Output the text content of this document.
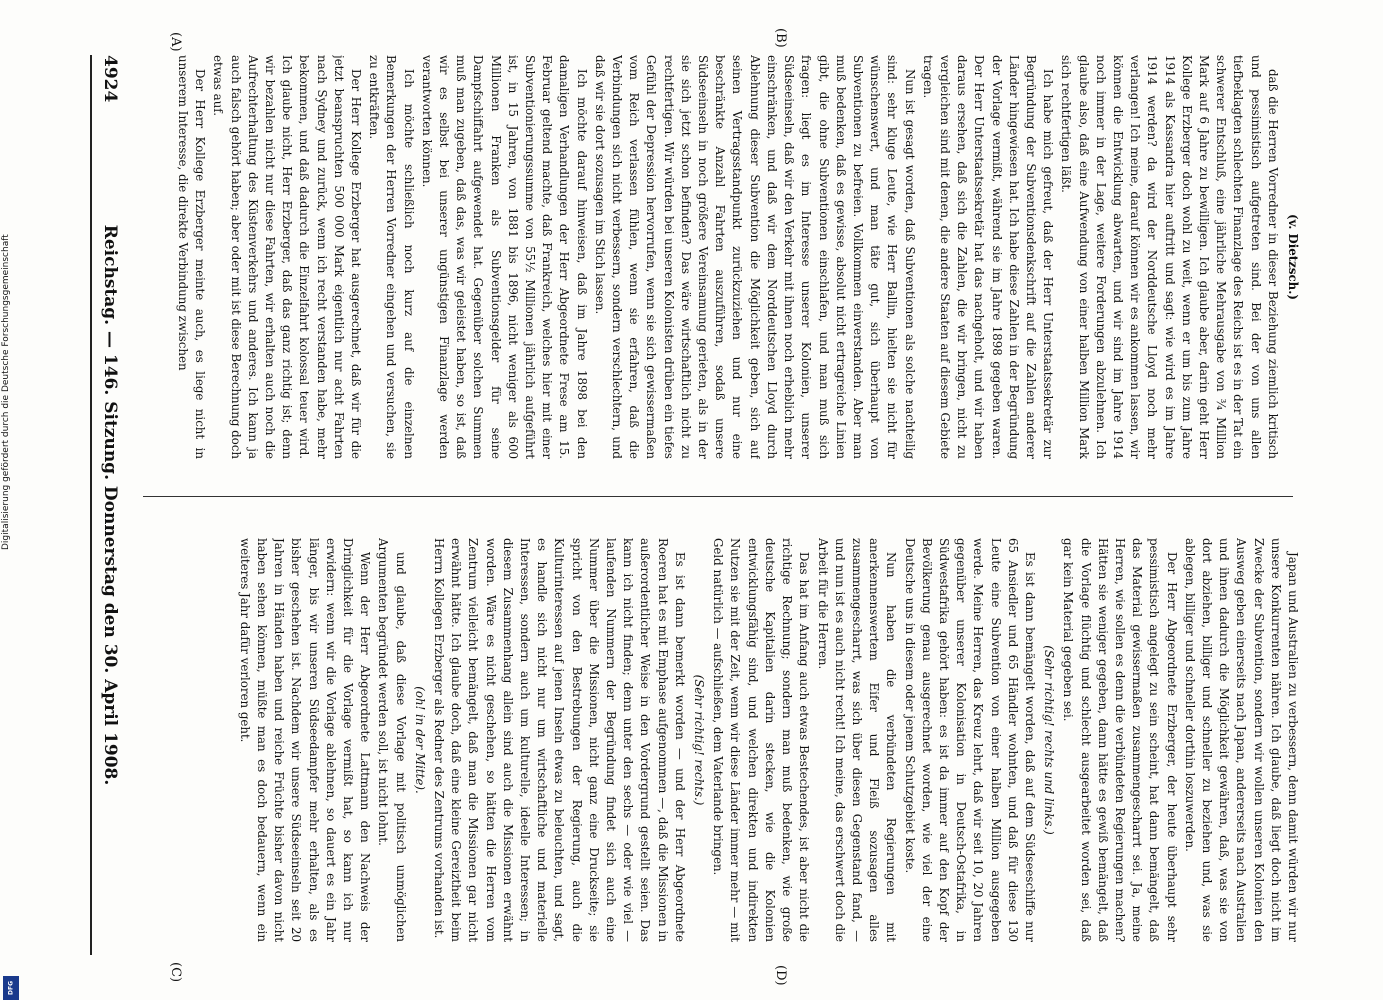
4924
Reichstag. — 146. Sitzung. Donnerstag den 30. April 1908.
(A)	(B)
(C)	(D)

(v. Dietzsch.)

daß die Herren Vorredner in dieser Beziehung ziemlich kritisch und pessimistisch aufgetreten sind. Bei der von uns allen tiefbeklagten schlechten Finanzlage des Reichs ist es in der Tat ein schwerer Entschluß, eine jährliche Mehrausgabe von ¾ Million Mark auf 6 Jahre zu bewilligen. Ich glaube aber, darin geht Herr Kollege Erzberger doch wohl zu weit, wenn er um bis zum Jahre 1914 als Kassandra hier auftritt und sagt: wie wird es im Jahre 1914 werden? da wird der Norddeutsche Lloyd noch mehr verlangen! Ich meine, darauf können wir es ankommen lassen, wir können die Entwicklung abwarten, und wir sind im Jahre 1914 noch immer in der Lage, weitere Forderungen abzulehnen. Ich glaube also, daß eine Aufwendung von einer halben Million Mark sich rechtfertigen läßt.

Ich habe mich gefreut, daß der Herr Unterstaatssekretär zur Begründung der Subventionsdenkschrift auf die Zahlen anderer Länder hingewiesen hat. Ich habe diese Zahlen in der Begründung der Vorlage vermißt, während sie im Jahre 1898 gegeben waren. Der Herr Unterstaatssekretär hat das nachgeholt, und wir haben daraus ersehen, daß sich die Zahlen, die wir bringen, nicht zu vergleichen sind mit denen, die andere Staaten auf diesem Gebiete tragen.

Nun ist gesagt worden, daß Subventionen als solche nachteilig sind: sehr kluge Leute, wie Herr Ballin, hielten sie nicht für wünschenswert, und man täte gut, sich überhaupt von Subventionen zu befreien. Vollkommen einverstanden. Aber man muß bedenken, daß es gewisse, absolut nicht ertragreiche Linien gibt, die ohne Subventionen einschlafen, und man muß sich fragen: liegt es im Interesse unserer Kolonien, unserer Südseeinseln, daß wir den Verkehr mit ihnen noch erheblich mehr einschränken, und daß wir dem Norddeutschen Lloyd durch Ablehnung dieser Subvention die Möglichkeit geben, sich auf seinen Vertragsstandpunkt zurückzuziehen und nur eine beschränkte Anzahl Fahrten auszuführen, sodaß unsere Südseeinseln in noch größere Vereinsamung gerieten, als in der sie sich jetzt schon befinden? Das wäre wirtschaftlich nicht zu rechtfertigen. Wir würden bei unseren Kolonisten drüben ein tiefes Gefühl der Depression hervorrufen, wenn sie sich gewissermaßen vom Reich verlassen fühlen, wenn sie erfahren, daß die Verbindungen sich nicht verbessern, sondern verschlechtern, und daß wir sie dort sozusagen im Stich lassen.

Ich möchte darauf hinweisen, daß im Jahre 1898 bei den damaligen Verhandlungen der Herr Abgeordnete Frese am 15. Februar geltend machte, daß Frankreich, welches hier mit einer Subventionierungssumme von 55½ Millionen jährlich aufgeführt ist, in 15 Jahren, von 1881 bis 1896, nicht weniger als 600 Millionen Franken als Subventionsgelder für seine Dampfschiffahrt aufgewendet hat. Gegenüber solchen Summen muß man zugeben, daß das, was wir geleistet haben, so ist, daß wir es selbst bei unserer ungünstigen Finanzlage werden verantworten können.

Ich möchte schließlich noch kurz auf die einzelnen Bemerkungen der Herren Vorredner eingehen und versuchen, sie zu entkräften.

Der Herr Kollege Erzberger hat ausgerechnet, daß wir für die jetzt beanspruchten 500 000 Mark eigentlich nur acht Fahrten nach Sydney und zurück, wenn ich recht verstanden habe, mehr bekommen, und daß dadurch die Einzelfahrt kolossal teuer wird. Ich glaube nicht, Herr Erzberger, daß das ganz richtig ist; denn wir bezahlen nicht nur diese Fahrten, wir erhalten auch noch die Aufrechterhaltung des Küstenverkehrs und anderes. Ich kann ja auch falsch gehört haben; aber oder mit ist diese Berechnung doch etwas auf.

Der Herr Kollege Erzberger meinte auch, es liege nicht in unserem Interesse, die direkte Verbindung zwischen

Japan und Australien zu verbessern, denn damit würden wir nur unsere Konkurrenten nähren. Ich glaube, daß liegt doch nicht im Zwecke der Subvention, sondern wir wollen unseren Kolonien den Ausweg geben einerseits nach Japan, andererseits nach Australien und ihnen dadurch die Möglichkeit gewähren, daß, was sie von dort abziehen, billiger und schneller zu beziehen und, was sie ablegen, billiger und schneller dorthin loszuwerden.

Der Herr Abgeordnete Erzberger, der heute überhaupt sehr pessimistisch angelegt zu sein scheint, hat dann bemängelt, daß das Material gewissermaßen zusammengescharrt sei. Ja, meine Herren, wie sollen es denn die verbündeten Regierungen machen? Hätten sie weniger gegeben, dann hätte es gewiß bemängelt, daß die Vorlage flüchtig und schlecht ausgearbeitet worden sei, daß gar kein Material gegeben sei.

(Sehr richtig! rechts und links.)

Es ist dann bemängelt worden, daß auf dem Südseeschiffe nur 65 Ansiedler und 65 Händler wohnten, und daß für diese 130 Leute eine Subvention von einer halben Million ausgegeben werde. Meine Herren, das Kreuz lehrt, daß wir seit 10, 20 Jahren gegenüber unserer Kolonisation in Deutsch-Ostafrika, in Südwestafrika gehört haben: es ist da immer auf den Kopf der Bevölkerung genau ausgerechnet worden, wie viel der eine Deutsche uns in diesem oder jenem Schutzgebiet koste.

Nun haben die verbündeten Regierungen mit anerkennenswertem Eifer und Fleiß sozusagen alles zusammengescharrt, was sich über diesen Gegenstand fand, — und nun ist es auch nicht recht! Ich meine, das erschwert doch die Arbeit für die Herren.

Das hat im Anfang auch etwas Bestechendes, ist aber nicht die richtige Rechnung; sondern man muß bedenken, wie große deutsche Kapitalien darin stecken, wie die Kolonien entwicklungsfähig sind, und welchen direkten und indirekten Nutzen sie mit der Zeit, wenn wir diese Länder immer mehr — mit Geld natürlich — aufschließen, dem Vaterlande bringen.

(Sehr richtig! rechts.)

Es ist dann bemerkt worden — und der Herr Abgeordnete Roeren hat es mit Emphase aufgenommen —, daß die Missionen in außerordentlicher Weise in den Vordergrund gestellt seien. Das kann ich nicht finden; denn unter den sechs — oder wie viel — laufenden Nummern der Begründung findet sich auch eine Nummer über die Missionen, nicht ganz eine Druckseite; sie spricht von den Bestrebungen der Regierung, auch die Kulturinteressen auf jenen Inseln etwas zu beleuchten, und sagt, es handle sich nicht nur um wirtschaftliche und materielle Interessen, sondern auch um kulturelle, ideelle Interessen; in diesem Zusammenhang allein sind auch die Missionen erwähnt worden. Wäre es nicht geschehen, so hätten die Herren vom Zentrum vielleicht bemängelt, daß man die Missionen gar nicht erwähnt hätte. Ich glaube doch, daß eine kleine Gereiztheit beim Herrn Kollegen Erzberger als Redner des Zentrums vorhanden ist.

(oh! in der Mitte).

und glaube, daß diese Vorlage mit politisch unmöglichen Argumenten begründet werden soll, ist nicht lohnt.

Wenn der Herr Abgeordnete Lattmann den Nachweis der Dringlichkeit für die Vorlage vermißt hat, so kann ich nur erwidern: wenn wir die Vorlage ablehnen, so dauert es ein Jahr länger, bis wir unseren Südseedampfer mehr erhalten, als es bisher geschehen ist. Nachdem wir unsere Südseeinseln seit 20 Jahren in Händen haben und reiche Früchte bisher davon nicht haben sehen können, müßte man es doch bedauern, wenn ein weiteres Jahr dafür verloren geht.

Digitalisierung gefördert durch die Deutsche Forschungsgemeinschaft
DFG
